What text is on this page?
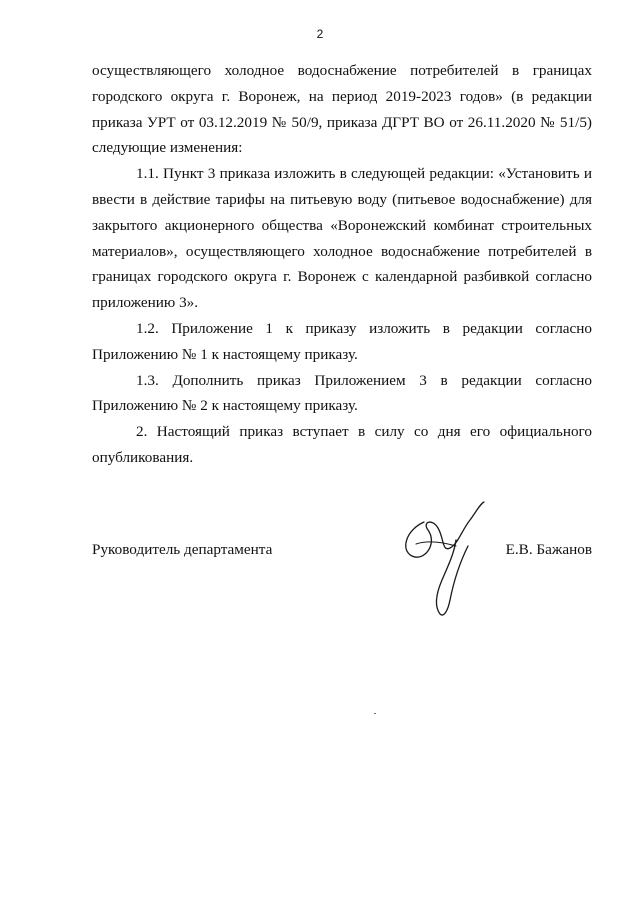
2

осуществляющего холодное водоснабжение потребителей в границах городского округа г. Воронеж, на период 2019-2023 годов» (в редакции приказа УРТ от 03.12.2019 № 50/9, приказа ДГРТ ВО от 26.11.2020 № 51/5) следующие изменения:

1.1. Пункт 3 приказа изложить в следующей редакции: «Установить и ввести в действие тарифы на питьевую воду (питьевое водоснабжение) для закрытого акционерного общества «Воронежский комбинат строительных материалов», осуществляющего холодное водоснабжение потребителей в границах городского округа г. Воронеж с календарной разбивкой согласно приложению 3».

1.2. Приложение 1 к приказу изложить в редакции согласно Приложению № 1 к настоящему приказу.

1.3. Дополнить приказ Приложением 3 в редакции согласно Приложению № 2 к настоящему приказу.

2. Настоящий приказ вступает в силу со дня его официального опубликования.

Руководитель департамента	Е.В. Бажанов
